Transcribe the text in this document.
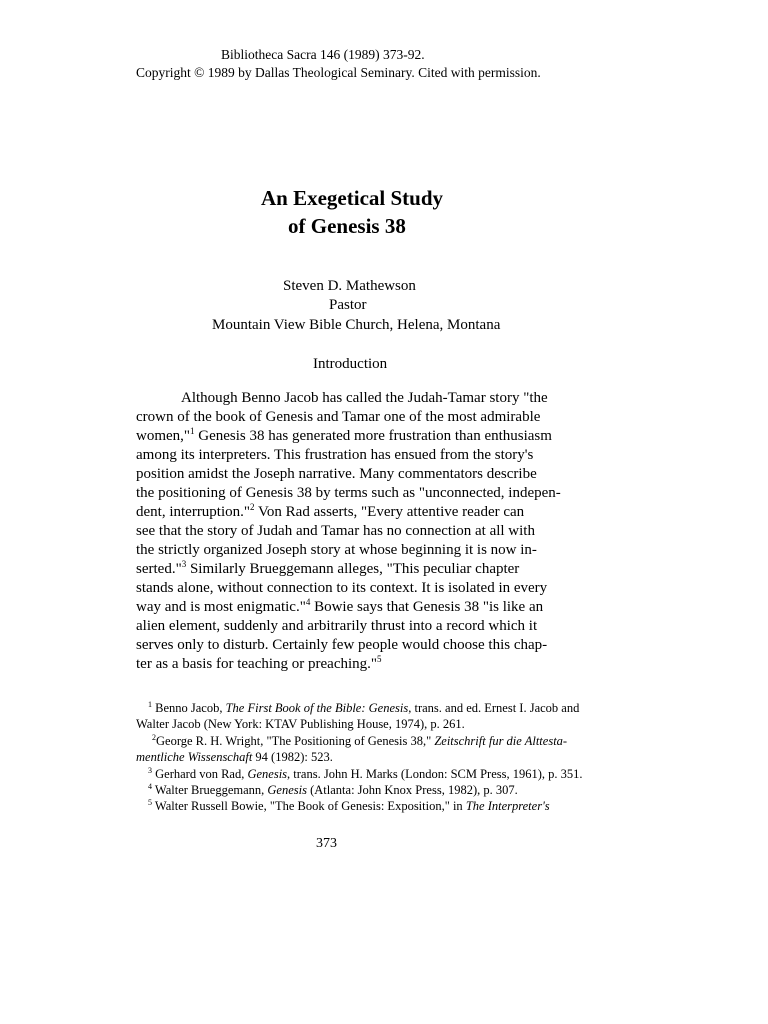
Bibliotheca Sacra 146 (1989) 373-92.
Copyright © 1989 by Dallas Theological Seminary. Cited with permission.
An Exegetical Study
of Genesis 38
Steven D. Mathewson
Pastor
Mountain View Bible Church, Helena, Montana
Introduction
Although Benno Jacob has called the Judah-Tamar story "the
crown of the book of Genesis and Tamar one of the most admirable
women,"$^1$ Genesis 38 has generated more frustration than enthusiasm
among its interpreters. This frustration has ensued from the story's
position amidst the Joseph narrative. Many commentators describe
the positioning of Genesis 38 by terms such as "unconnected, indepen-
dent, interruption."$^2$ Von Rad asserts, "Every attentive reader can
see that the story of Judah and Tamar has no connection at all with
the strictly organized Joseph story at whose beginning it is now in-
serted."$^3$ Similarly Brueggemann alleges, "This peculiar chapter
stands alone, without connection to its context. It is isolated in every
way and is most enigmatic."$^4$ Bowie says that Genesis 38 "is like an
alien element, suddenly and arbitrarily thrust into a record which it
serves only to disturb. Certainly few people would choose this chap-
ter as a basis for teaching or preaching."$^5$
$^1$ Benno Jacob, The First Book of the Bible: Genesis, trans. and ed. Ernest I. Jacob and
Walter Jacob (New York: KTAV Publishing House, 1974), p. 261.
$^2$George R. H. Wright, "The Positioning of Genesis 38," Zeitschrift fur die Alttesta-
mentliche Wissenschaft 94 (1982): 523.
$^3$ Gerhard von Rad, Genesis, trans. John H. Marks (London: SCM Press, 1961), p. 351.
$^4$ Walter Brueggemann, Genesis (Atlanta: John Knox Press, 1982), p. 307.
$^5$ Walter Russell Bowie, "The Book of Genesis: Exposition," in The Interpreter's
373
